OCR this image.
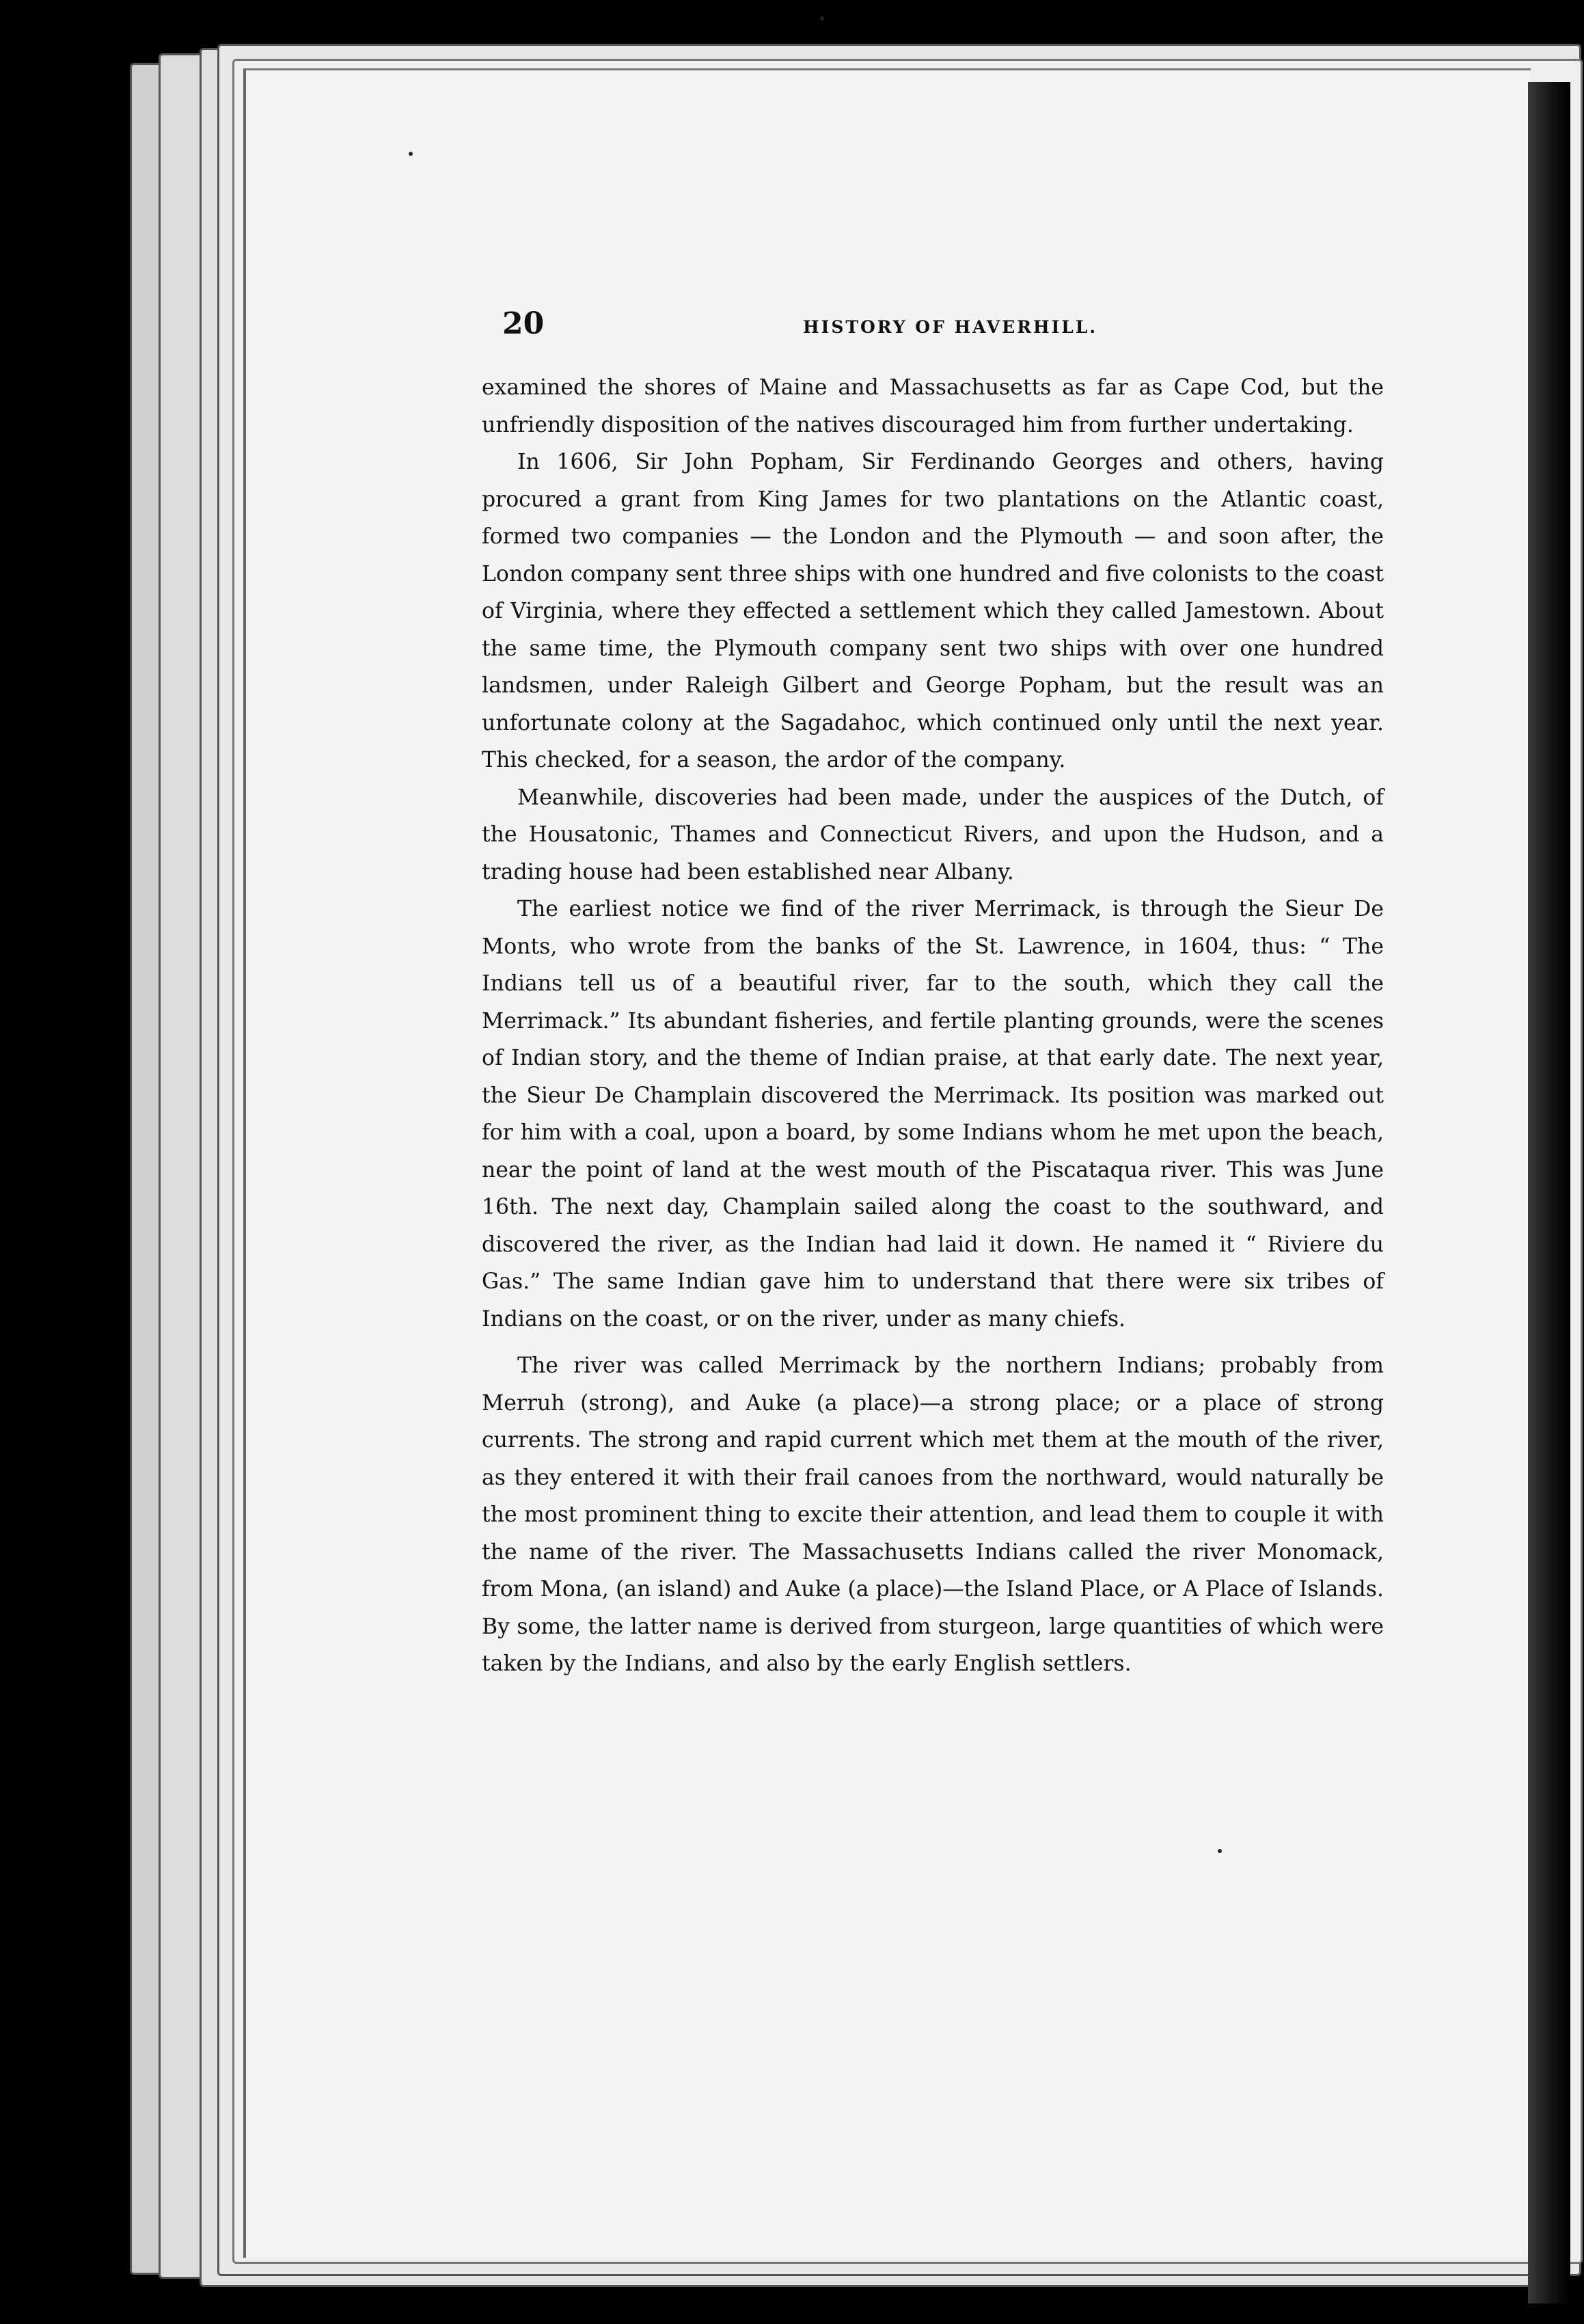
20	HISTORY OF HAVERHILL.

examined the shores of Maine and Massachusetts as far as Cape Cod, but the unfriendly disposition of the natives discouraged him from further undertaking.

In 1606, Sir John Popham, Sir Ferdinando Georges and others, having procured a grant from King James for two plantations on the Atlantic coast, formed two companies — the London and the Plymouth — and soon after, the London company sent three ships with one hundred and five colonists to the coast of Virginia, where they effected a settlement which they called Jamestown. About the same time, the Plymouth company sent two ships with over one hundred landsmen, under Raleigh Gilbert and George Popham, but the result was an unfortunate colony at the Sagadahoc, which continued only until the next year. This checked, for a season, the ardor of the company.

Meanwhile, discoveries had been made, under the auspices of the Dutch, of the Housatonic, Thames and Connecticut Rivers, and upon the Hudson, and a trading house had been established near Albany.

The earliest notice we find of the river Merrimack, is through the Sieur De Monts, who wrote from the banks of the St. Lawrence, in 1604, thus: “ The Indians tell us of a beautiful river, far to the south, which they call the Merrimack.” Its abundant fisheries, and fertile planting grounds, were the scenes of Indian story, and the theme of Indian praise, at that early date. The next year, the Sieur De Champlain discovered the Merrimack. Its position was marked out for him with a coal, upon a board, by some Indians whom he met upon the beach, near the point of land at the west mouth of the Piscataqua river. This was June 16th. The next day, Champlain sailed along the coast to the southward, and discovered the river, as the Indian had laid it down. He named it “ Riviere du Gas.” The same Indian gave him to understand that there were six tribes of Indians on the coast, or on the river, under as many chiefs.

The river was called Merrimack by the northern Indians; probably from Merruh (strong), and Auke (a place)—a strong place; or a place of strong currents. The strong and rapid current which met them at the mouth of the river, as they entered it with their frail canoes from the northward, would naturally be the most prominent thing to excite their attention, and lead them to couple it with the name of the river. The Massachusetts Indians called the river Monomack, from Mona, (an island) and Auke (a place)—the Island Place, or A Place of Islands. By some, the latter name is derived from sturgeon, large quantities of which were taken by the Indians, and also by the early English settlers.
